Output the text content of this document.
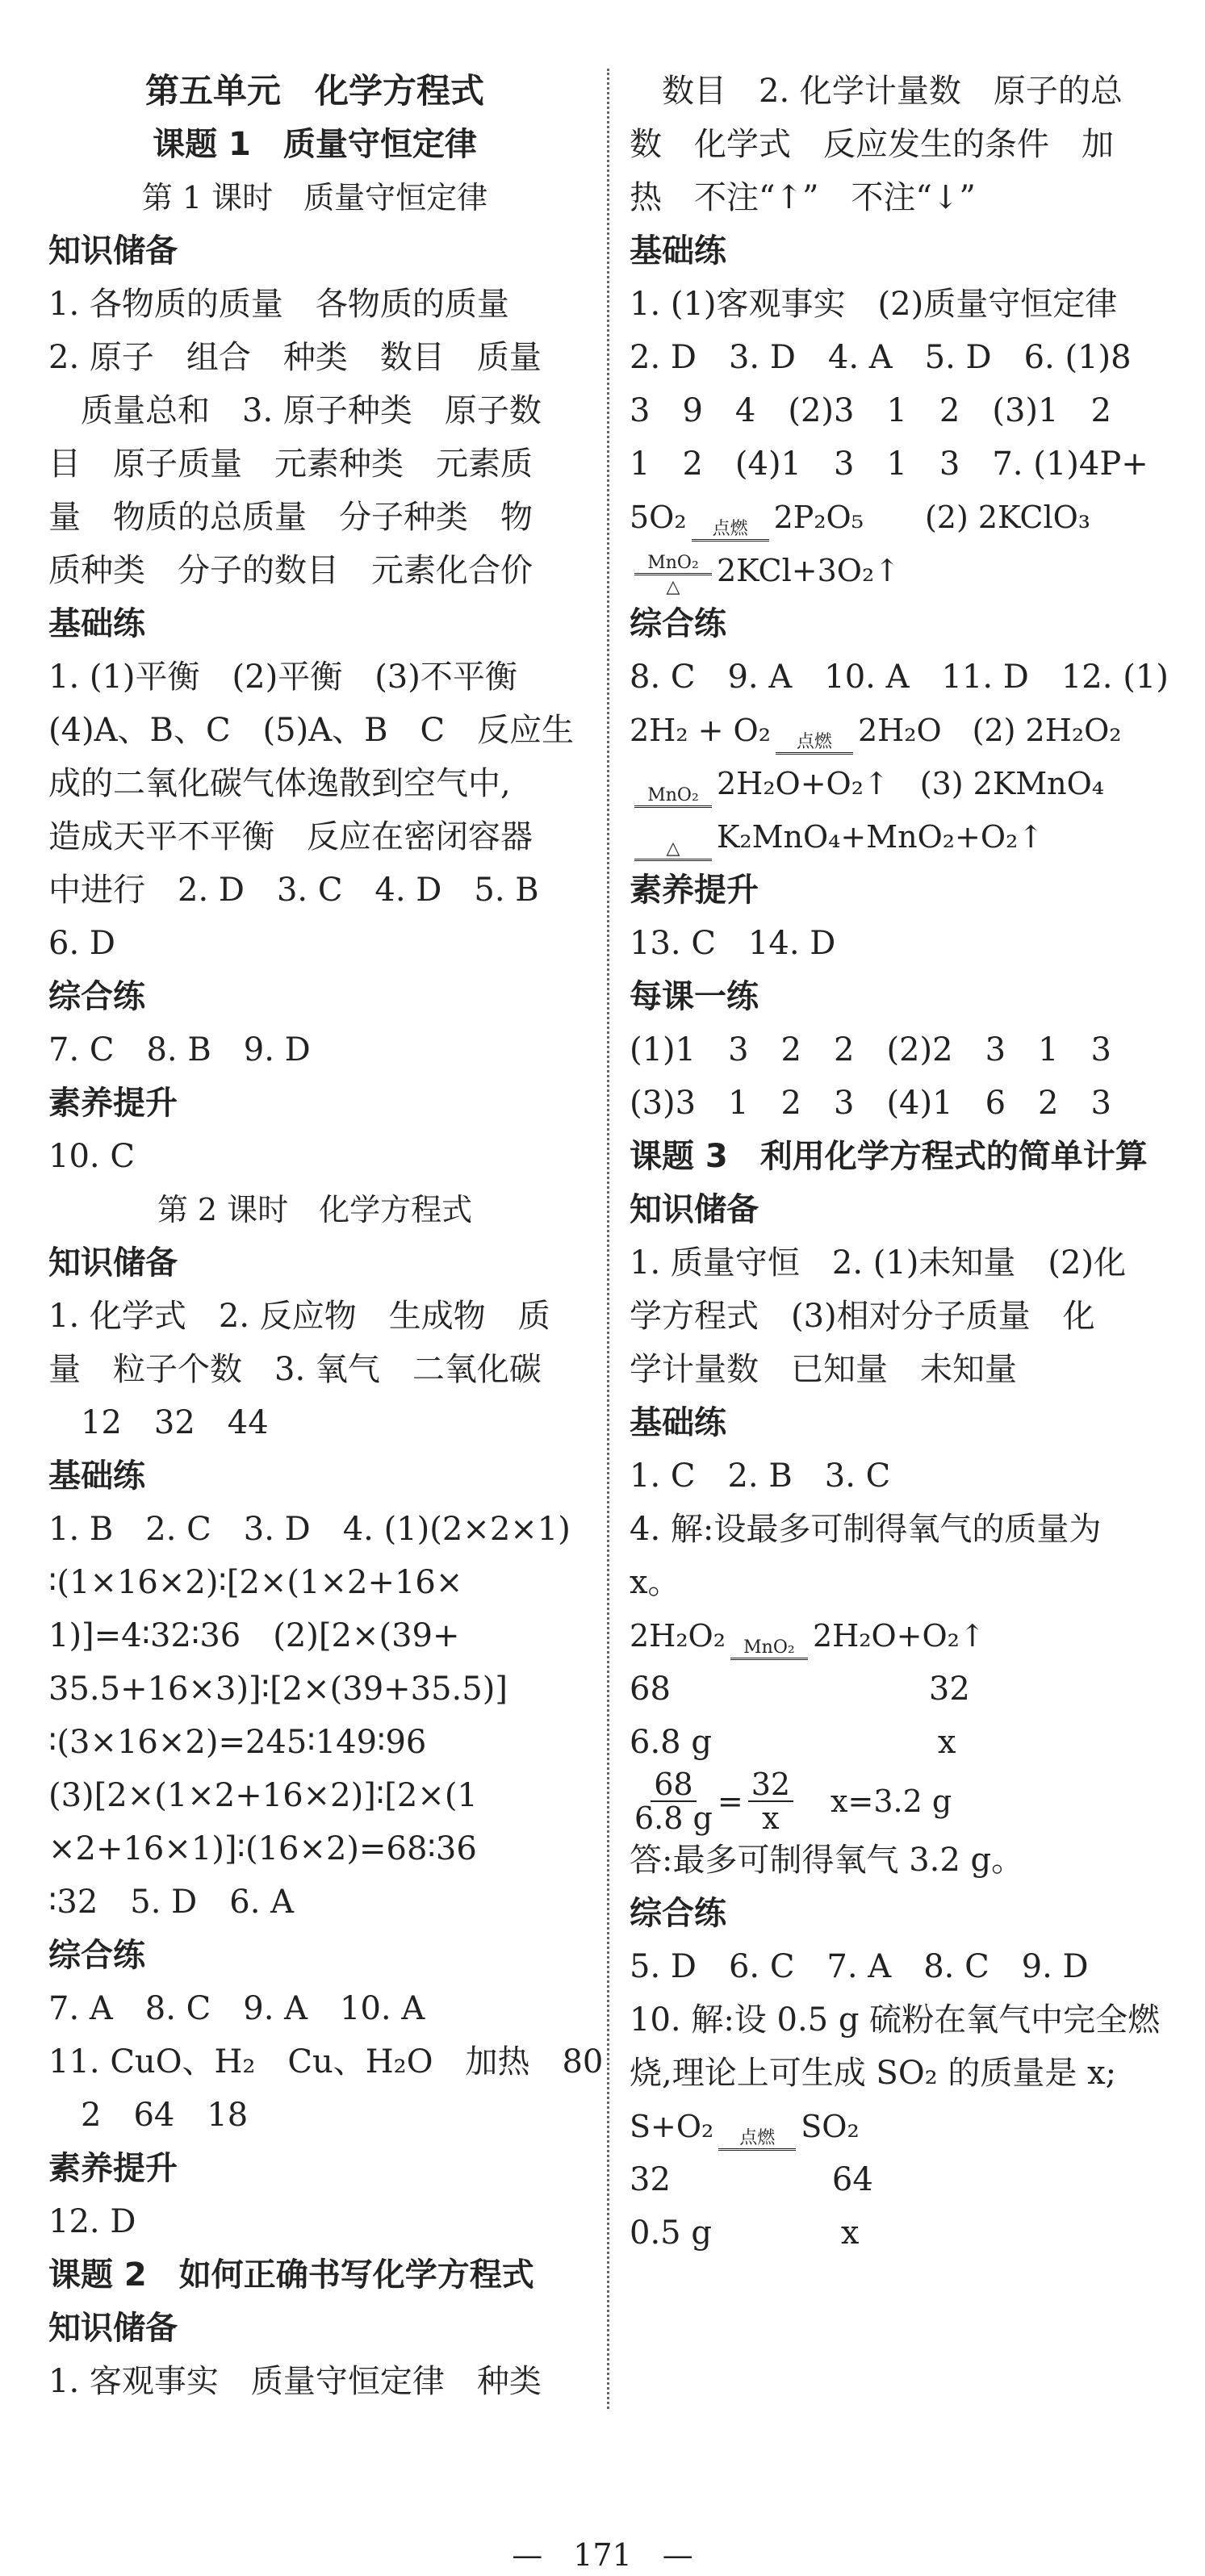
第五单元　化学方程式
课题 1　质量守恒定律
第 1 课时　质量守恒定律
知识储备
1. 各物质的质量　各物质的质量
2. 原子　组合　种类　数目　质量
　质量总和　3. 原子种类　原子数
目　原子质量　元素种类　元素质
量　物质的总质量　分子种类　物
质种类　分子的数目　元素化合价
基础练
1. (1)平衡　(2)平衡　(3)不平衡
(4)A、B、C　(5)A、B　C　反应生
成的二氧化碳气体逸散到空气中,
造成天平不平衡　反应在密闭容器
中进行　2. D　3. C　4. D　5. B
6. D
综合练
7. C　8. B　9. D
素养提升
10. C
第 2 课时　化学方程式
知识储备
1. 化学式　2. 反应物　生成物　质
量　粒子个数　3. 氧气　二氧化碳
　12　32　44
基础练
1. B　2. C　3. D　4. (1)(2×2×1)
∶(1×16×2)∶[2×(1×2+16×
1)]=4∶32∶36　(2)[2×(39+
35.5+16×3)]∶[2×(39+35.5)]
∶(3×16×2)=245∶149∶96
(3)[2×(1×2+16×2)]∶[2×(1
×2+16×1)]∶(16×2)=68∶36
∶32　5. D　6. A
综合练
7. A　8. C　9. A　10. A
11. CuO、H₂　Cu、H₂O　加热　80
　2　64　18
素养提升
12. D
课题 2　如何正确书写化学方程式
知识储备
1. 客观事实　质量守恒定律　种类
　数目　2. 化学计量数　原子的总
数　化学式　反应发生的条件　加
热　不注“↑”　不注“↓”
基础练
1. (1)客观事实　(2)质量守恒定律
2. D　3. D　4. A　5. D　6. (1)8
3　9　4　(2)3　1　2　(3)1　2
1　2　(4)1　3　1　3　7. (1)4P+
5O₂ 点燃 2P₂O₅　　(2) 2KClO₃
MnO₂
△ 2KCl+3O₂↑
综合练
8. C　9. A　10. A　11. D　12. (1)
2H₂ + O₂ 点燃 2H₂O　(2) 2H₂O₂
MnO₂ 2H₂O+O₂↑　(3) 2KMnO₄
△ K₂MnO₄+MnO₂+O₂↑
素养提升
13. C　14. D
每课一练
(1)1　3　2　2　(2)2　3　1　3
(3)3　1　2　3　(4)1　6　2　3
课题 3　利用化学方程式的简单计算
知识储备
1. 质量守恒　2. (1)未知量　(2)化
学方程式　(3)相对分子质量　化
学计量数　已知量　未知量
基础练
1. C　2. B　3. C
4. 解:设最多可制得氧气的质量为
x。
2H₂O₂ MnO₂ 2H₂O+O₂↑
68　　　　　　　　32
6.8 g　　　　　　　x
$\frac{68}{6.8 g} = \frac{32}{x} x=3.2$ g
答:最多可制得氧气 3.2 g。
综合练
5. D　6. C　7. A　8. C　9. D
10. 解:设 0.5 g 硫粉在氧气中完全燃
烧,理论上可生成 SO₂ 的质量是 x;
S+O₂ 点燃 SO₂
32　　　　　64
0.5 g　　　　x
—　171　—
